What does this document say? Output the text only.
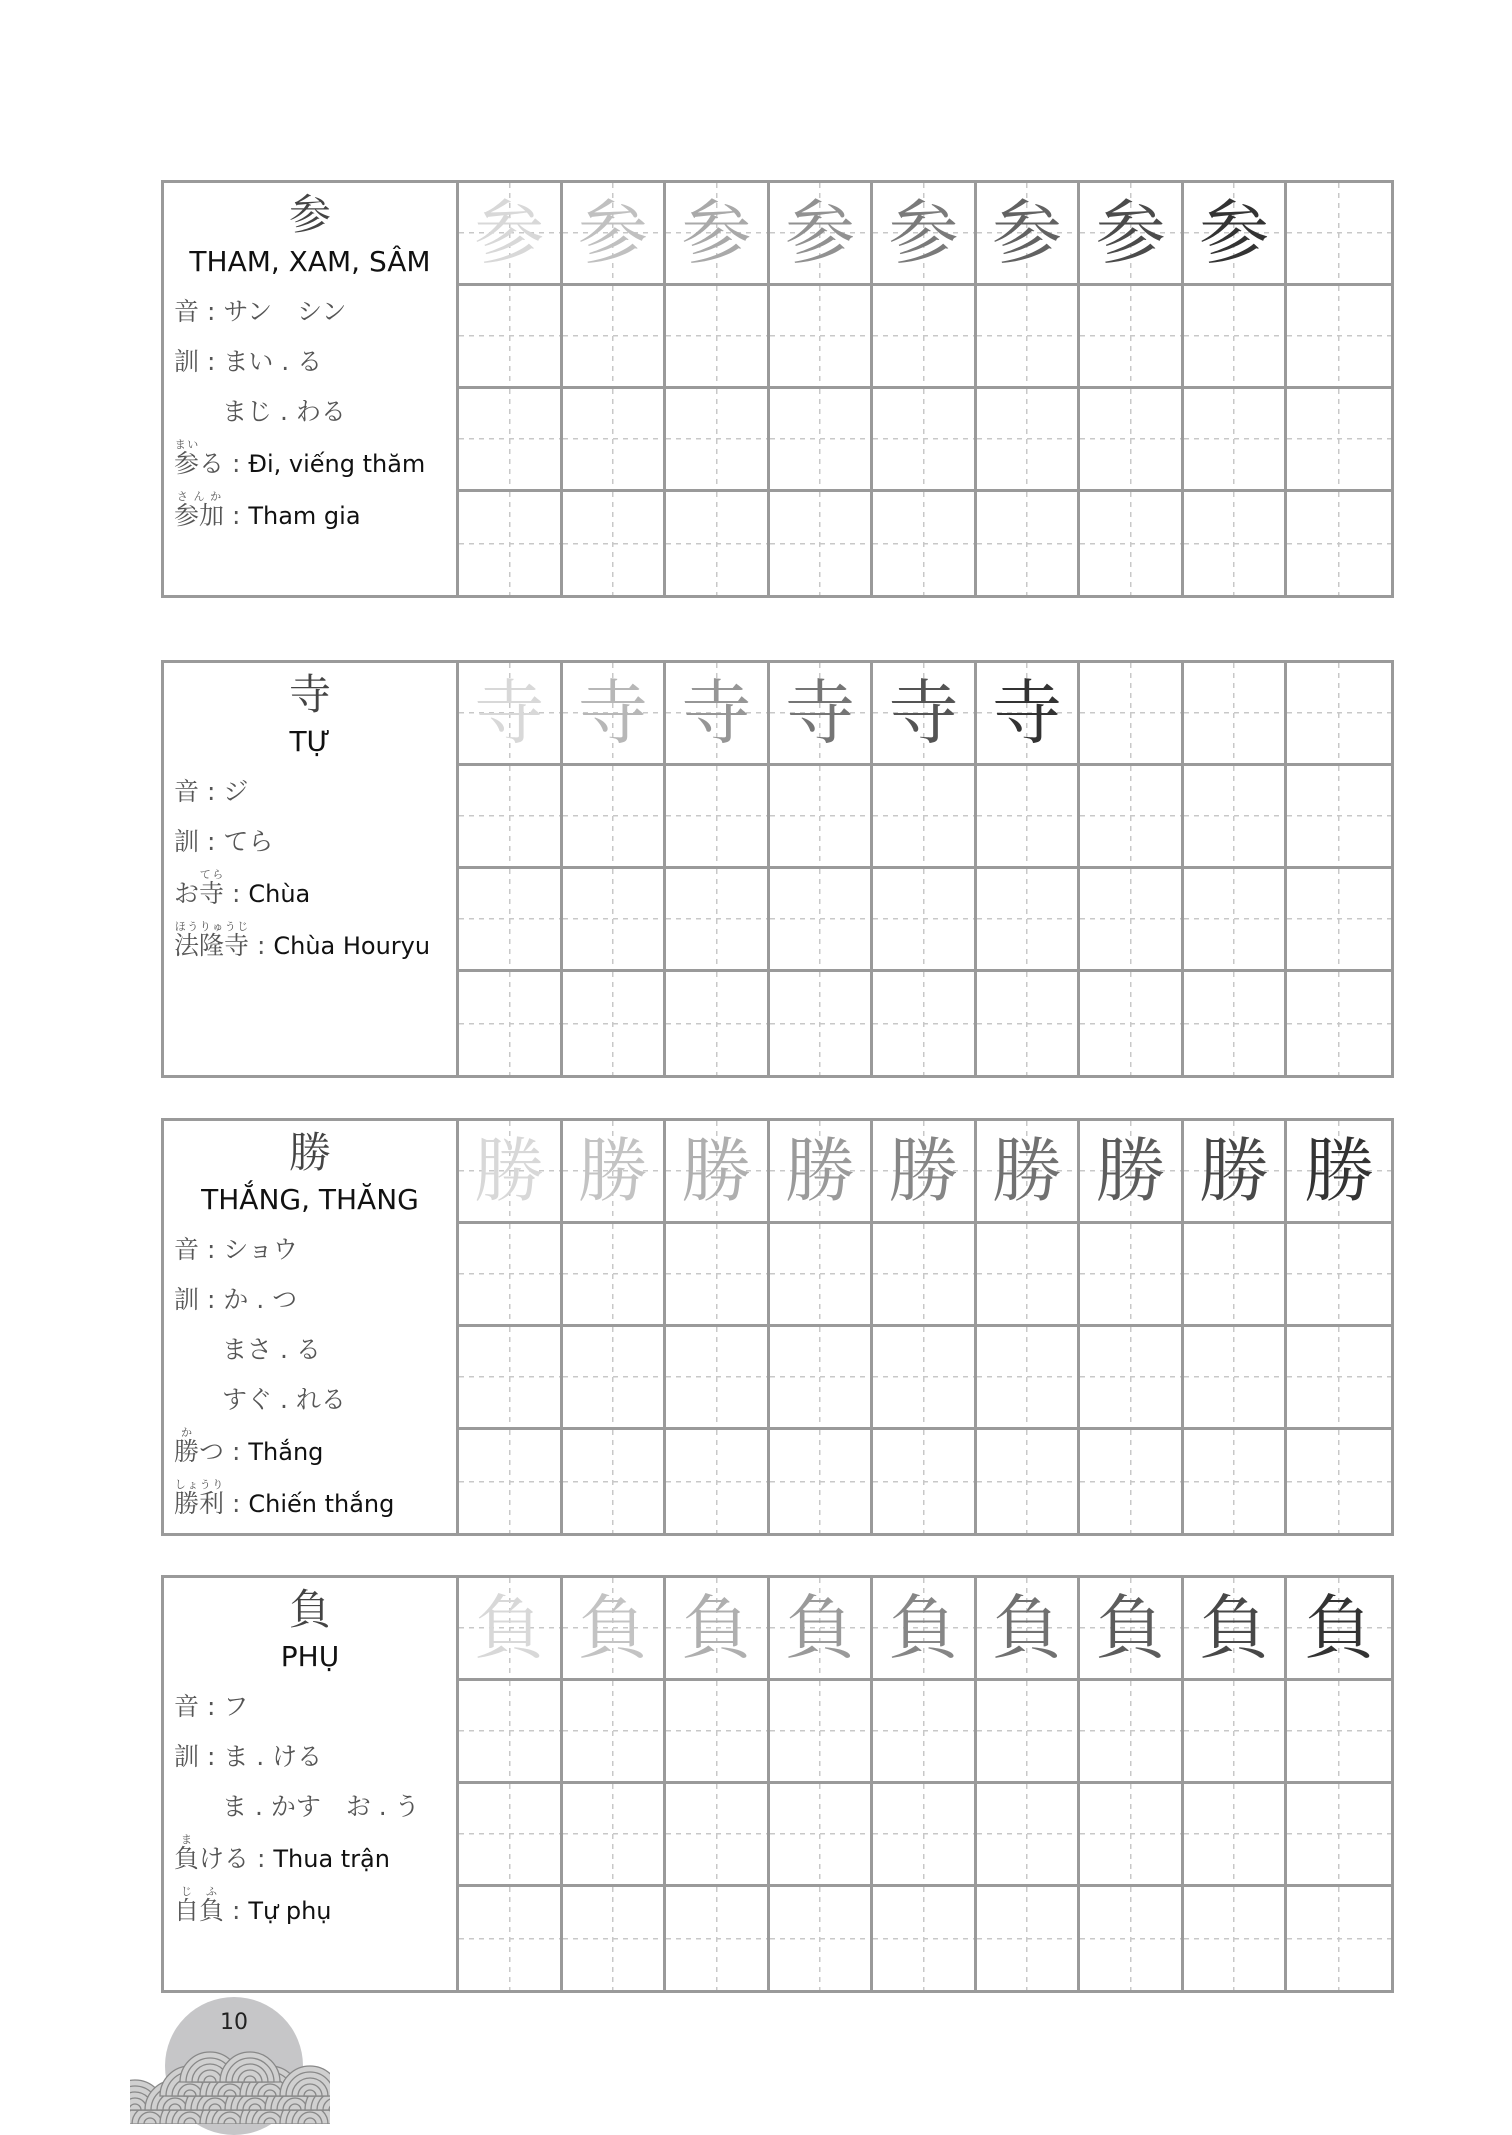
参
THAM, XAM, SÂM
音 : サン　シン
訓 : まい . る
まじ . わる
参まいる : Đi, viếng thăm
参加さんか : Tham gia
参 参 参 参 参 参 参 参
寺
TỰ
音 : ジ
訓 : てら
お寺てら : Chùa
法隆寺ほうりゅうじ : Chùa Houryu
寺 寺 寺 寺 寺 寺
勝
THẮNG, THĂNG
音 : ショウ
訓 : か . つ
まさ . る
すぐ . れる
勝かつ : Thắng
勝利しょうり : Chiến thắng
勝 勝 勝 勝 勝 勝 勝 勝 勝
負
PHỤ
音 : フ
訓 : ま . ける
ま . かす　お . う
負まける : Thua trận
自負じふ : Tự phụ
負 負 負 負 負 負 負 負 負
10
